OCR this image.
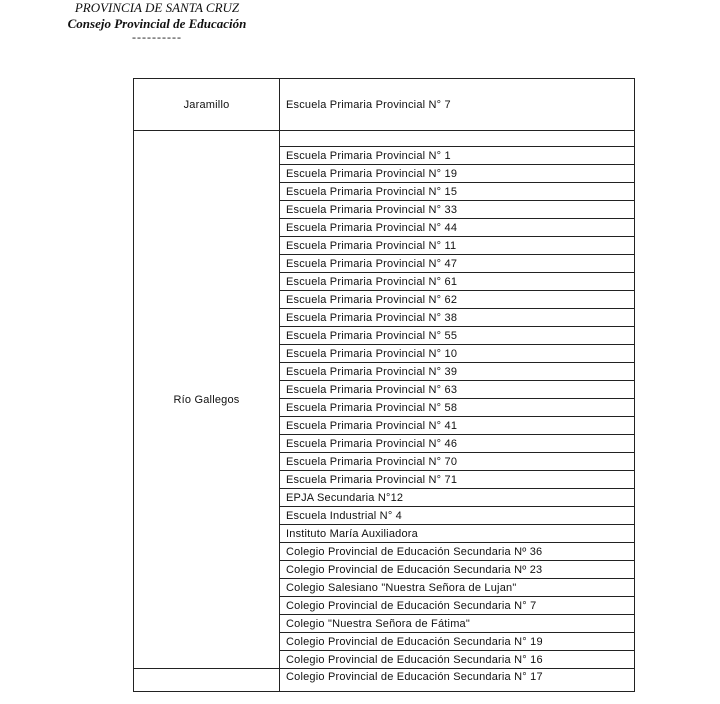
PROVINCIA DE SANTA CRUZ
Consejo Provincial de Educación
----------
Jaramillo	Escuela Primaria Provincial N° 7
Río Gallegos	
	Escuela Primaria Provincial N° 1
	Escuela Primaria Provincial N° 19
	Escuela Primaria Provincial N° 15
	Escuela Primaria Provincial N° 33
	Escuela Primaria Provincial N° 44
	Escuela Primaria Provincial N° 11
	Escuela Primaria Provincial N° 47
	Escuela Primaria Provincial N° 61
	Escuela Primaria Provincial N° 62
	Escuela Primaria Provincial N° 38
	Escuela Primaria Provincial N° 55
	Escuela Primaria Provincial N° 10
	Escuela Primaria Provincial N° 39
	Escuela Primaria Provincial N° 63
	Escuela Primaria Provincial N° 58
	Escuela Primaria Provincial N° 41
	Escuela Primaria Provincial N° 46
	Escuela Primaria Provincial N° 70
	Escuela Primaria Provincial N° 71
	EPJA Secundaria N°12
	Escuela Industrial N° 4
	Instituto María Auxiliadora
	Colegio Provincial de Educación Secundaria Nº 36
	Colegio Provincial de Educación Secundaria Nº 23
	Colegio Salesiano "Nuestra Señora de Lujan"
	Colegio Provincial de Educación Secundaria N° 7
	Colegio "Nuestra Señora de Fátima"
	Colegio Provincial de Educación Secundaria N° 19
	Colegio Provincial de Educación Secundaria N° 16
	Colegio Provincial de Educación Secundaria N° 17
